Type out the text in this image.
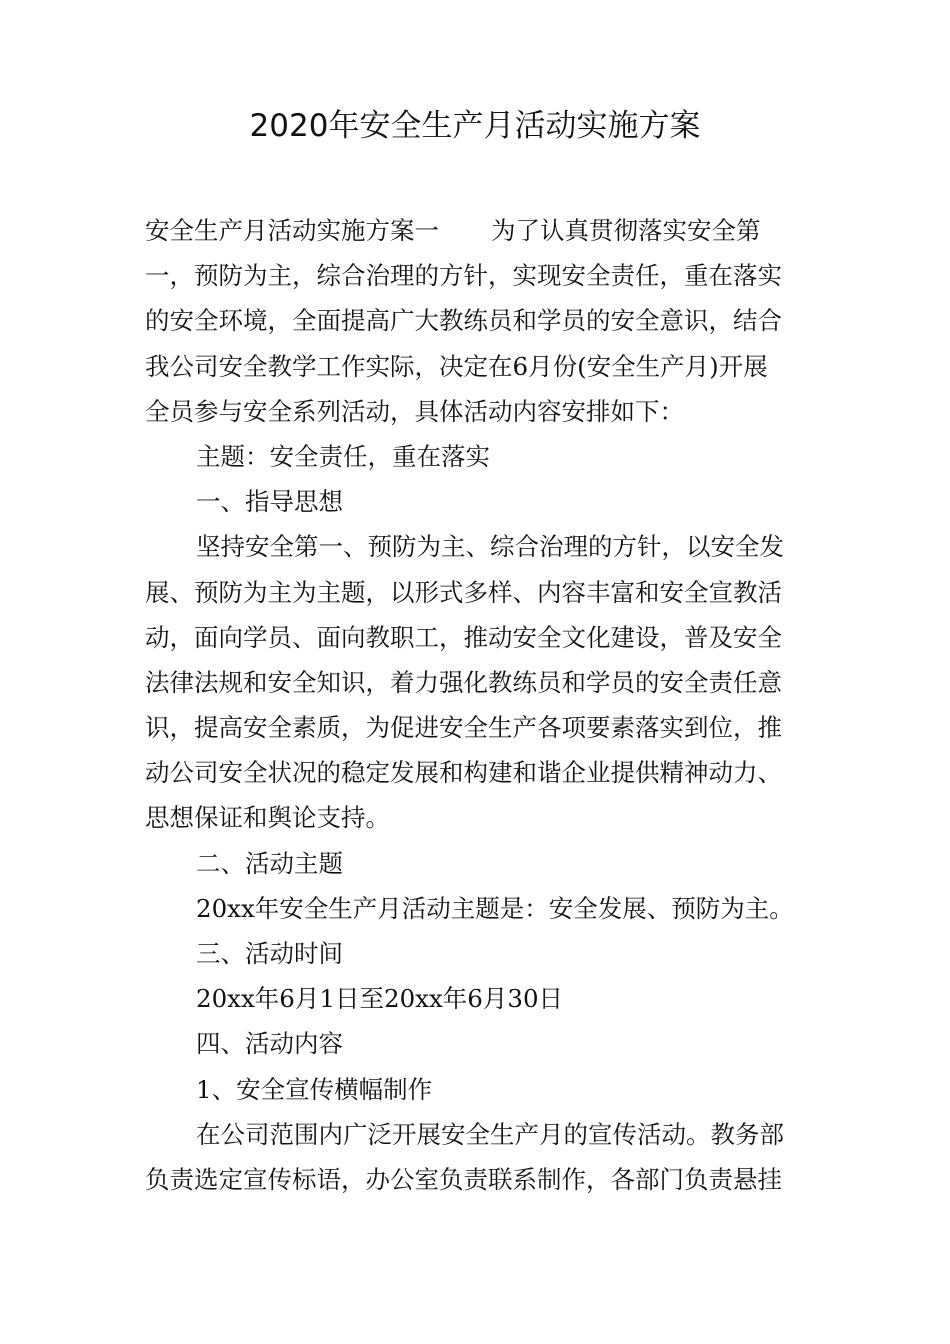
2020年安全生产月活动实施方案
安全生产月活动实施方案一 为了认真贯彻落实安全第
一，预防为主，综合治理的方针，实现安全责任，重在落实
的安全环境，全面提高广大教练员和学员的安全意识，结合
我公司安全教学工作实际，决定在6月份(安全生产月)开展
全员参与安全系列活动，具体活动内容安排如下：
主题：安全责任，重在落实
一、指导思想
坚持安全第一、预防为主、综合治理的方针，以安全发
展、预防为主为主题，以形式多样、内容丰富和安全宣教活
动，面向学员、面向教职工，推动安全文化建设，普及安全
法律法规和安全知识，着力强化教练员和学员的安全责任意
识，提高安全素质，为促进安全生产各项要素落实到位，推
动公司安全状况的稳定发展和构建和谐企业提供精神动力、
思想保证和舆论支持。
二、活动主题
20xx年安全生产月活动主题是：安全发展、预防为主。
三、活动时间
20xx年6月1日至20xx年6月30日
四、活动内容
1、安全宣传横幅制作
在公司范围内广泛开展安全生产月的宣传活动。教务部
负责选定宣传标语，办公室负责联系制作，各部门负责悬挂
